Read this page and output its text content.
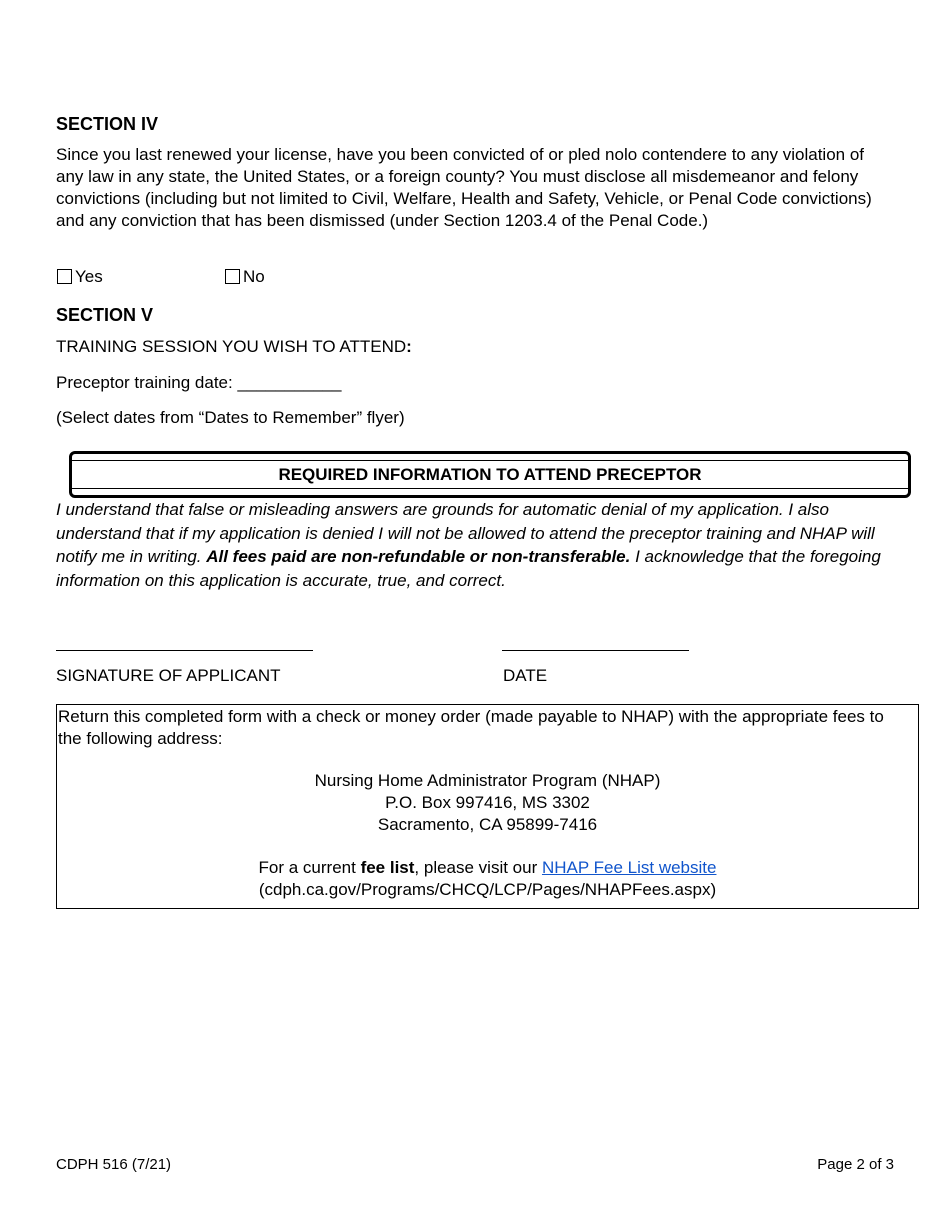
SECTION IV
Since you last renewed your license, have you been convicted of or pled nolo contendere to any violation of any law in any state, the United States, or a foreign county? You must disclose all misdemeanor and felony convictions (including but not limited to Civil, Welfare, Health and Safety, Vehicle, or Penal Code convictions) and any conviction that has been dismissed (under Section 1203.4 of the Penal Code.)
Yes	No
SECTION V
TRAINING SESSION YOU WISH TO ATTEND:
Preceptor training date: ___________
(Select dates from “Dates to Remember” flyer)
REQUIRED INFORMATION TO ATTEND PRECEPTOR
I understand that false or misleading answers are grounds for automatic denial of my application. I also understand that if my application is denied I will not be allowed to attend the preceptor training and NHAP will notify me in writing. All fees paid are non-refundable or non-transferable. I acknowledge that the foregoing information on this application is accurate, true, and correct.
SIGNATURE OF APPLICANT	DATE
Return this completed form with a check or money order (made payable to NHAP) with the appropriate fees to the following address:
Nursing Home Administrator Program (NHAP)
P.O. Box 997416, MS 3302
Sacramento, CA 95899-7416
For a current fee list, please visit our NHAP Fee List website
(cdph.ca.gov/Programs/CHCQ/LCP/Pages/NHAPFees.aspx)
CDPH 516 (7/21)	Page 2 of 3
